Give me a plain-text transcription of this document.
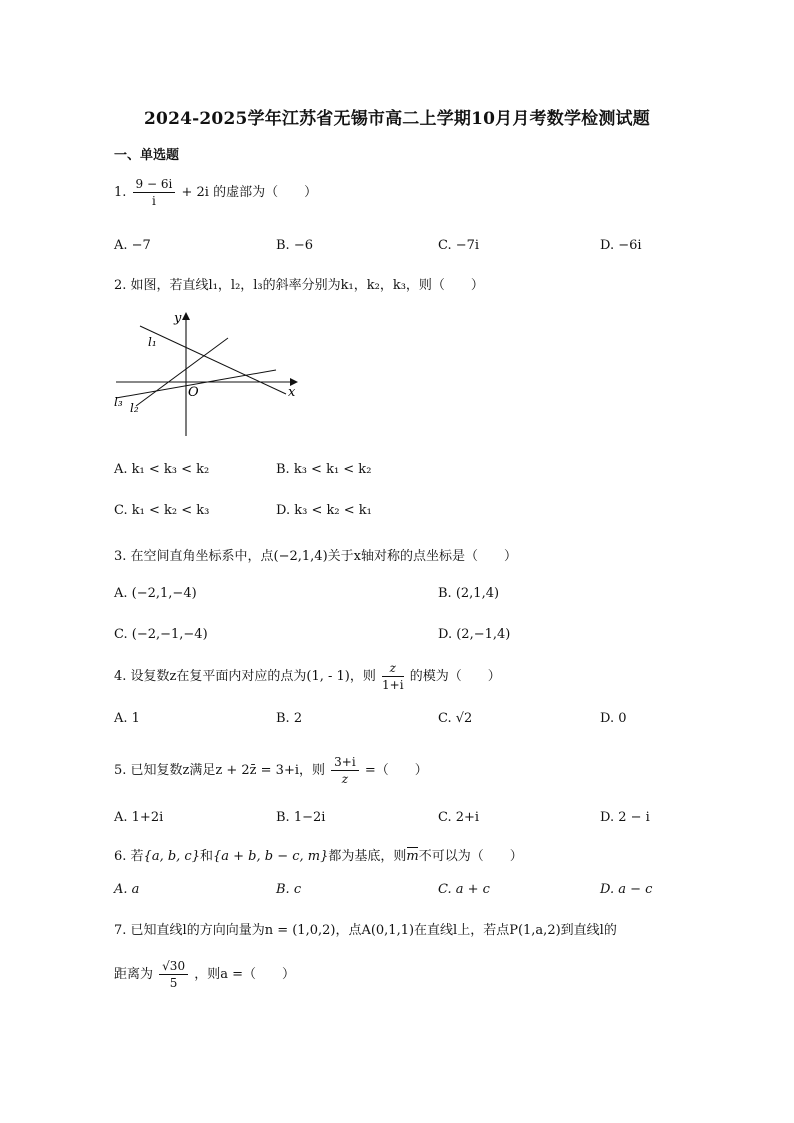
2024-2025学年江苏省无锡市高二上学期10月月考数学检测试题
一、单选题
1. $\frac{9 - 6i}{i} + 2i$ 的虚部为（　　）
A. −7	B. −6	C. −7i	D. −6i
2. 如图，若直线l₁，l₂，l₃的斜率分别为k₁，k₂，k₃，则（　　）
y
x
O
l₁
l₃ l₂
A. k₁ < k₃ < k₂	B. k₃ < k₁ < k₂
C. k₁ < k₂ < k₃	D. k₃ < k₂ < k₁
3. 在空间直角坐标系中，点(−2,1,4)关于x轴对称的点坐标是（　　）
A. (−2,1,−4)	B. (2,1,4)
C. (−2,−1,−4)	D. (2,−1,4)
4. 设复数z在复平面内对应的点为(1, - 1)，则 $\frac{z}{1+i}$ 的模为（　　）
A. 1	B. 2	C. √2	D. 0
5. 已知复数z满足z + 2z̄ = 3+i，则 $\frac{3+i}{z}$ =（　　）
A. 1+2i	B. 1−2i	C. 2+i	D. 2 − i
6. 若{a, b, c}和{a + b, b − c, m}都为基底，则m不可以为（　　）
A. a	B. c	C. a + c	D. a − c
7. 已知直线l的方向向量为n = (1,0,2)，点A(0,1,1)在直线l上，若点P(1,a,2)到直线l的
距离为 $\frac{√30}{5}$ ，则a =（　　）
